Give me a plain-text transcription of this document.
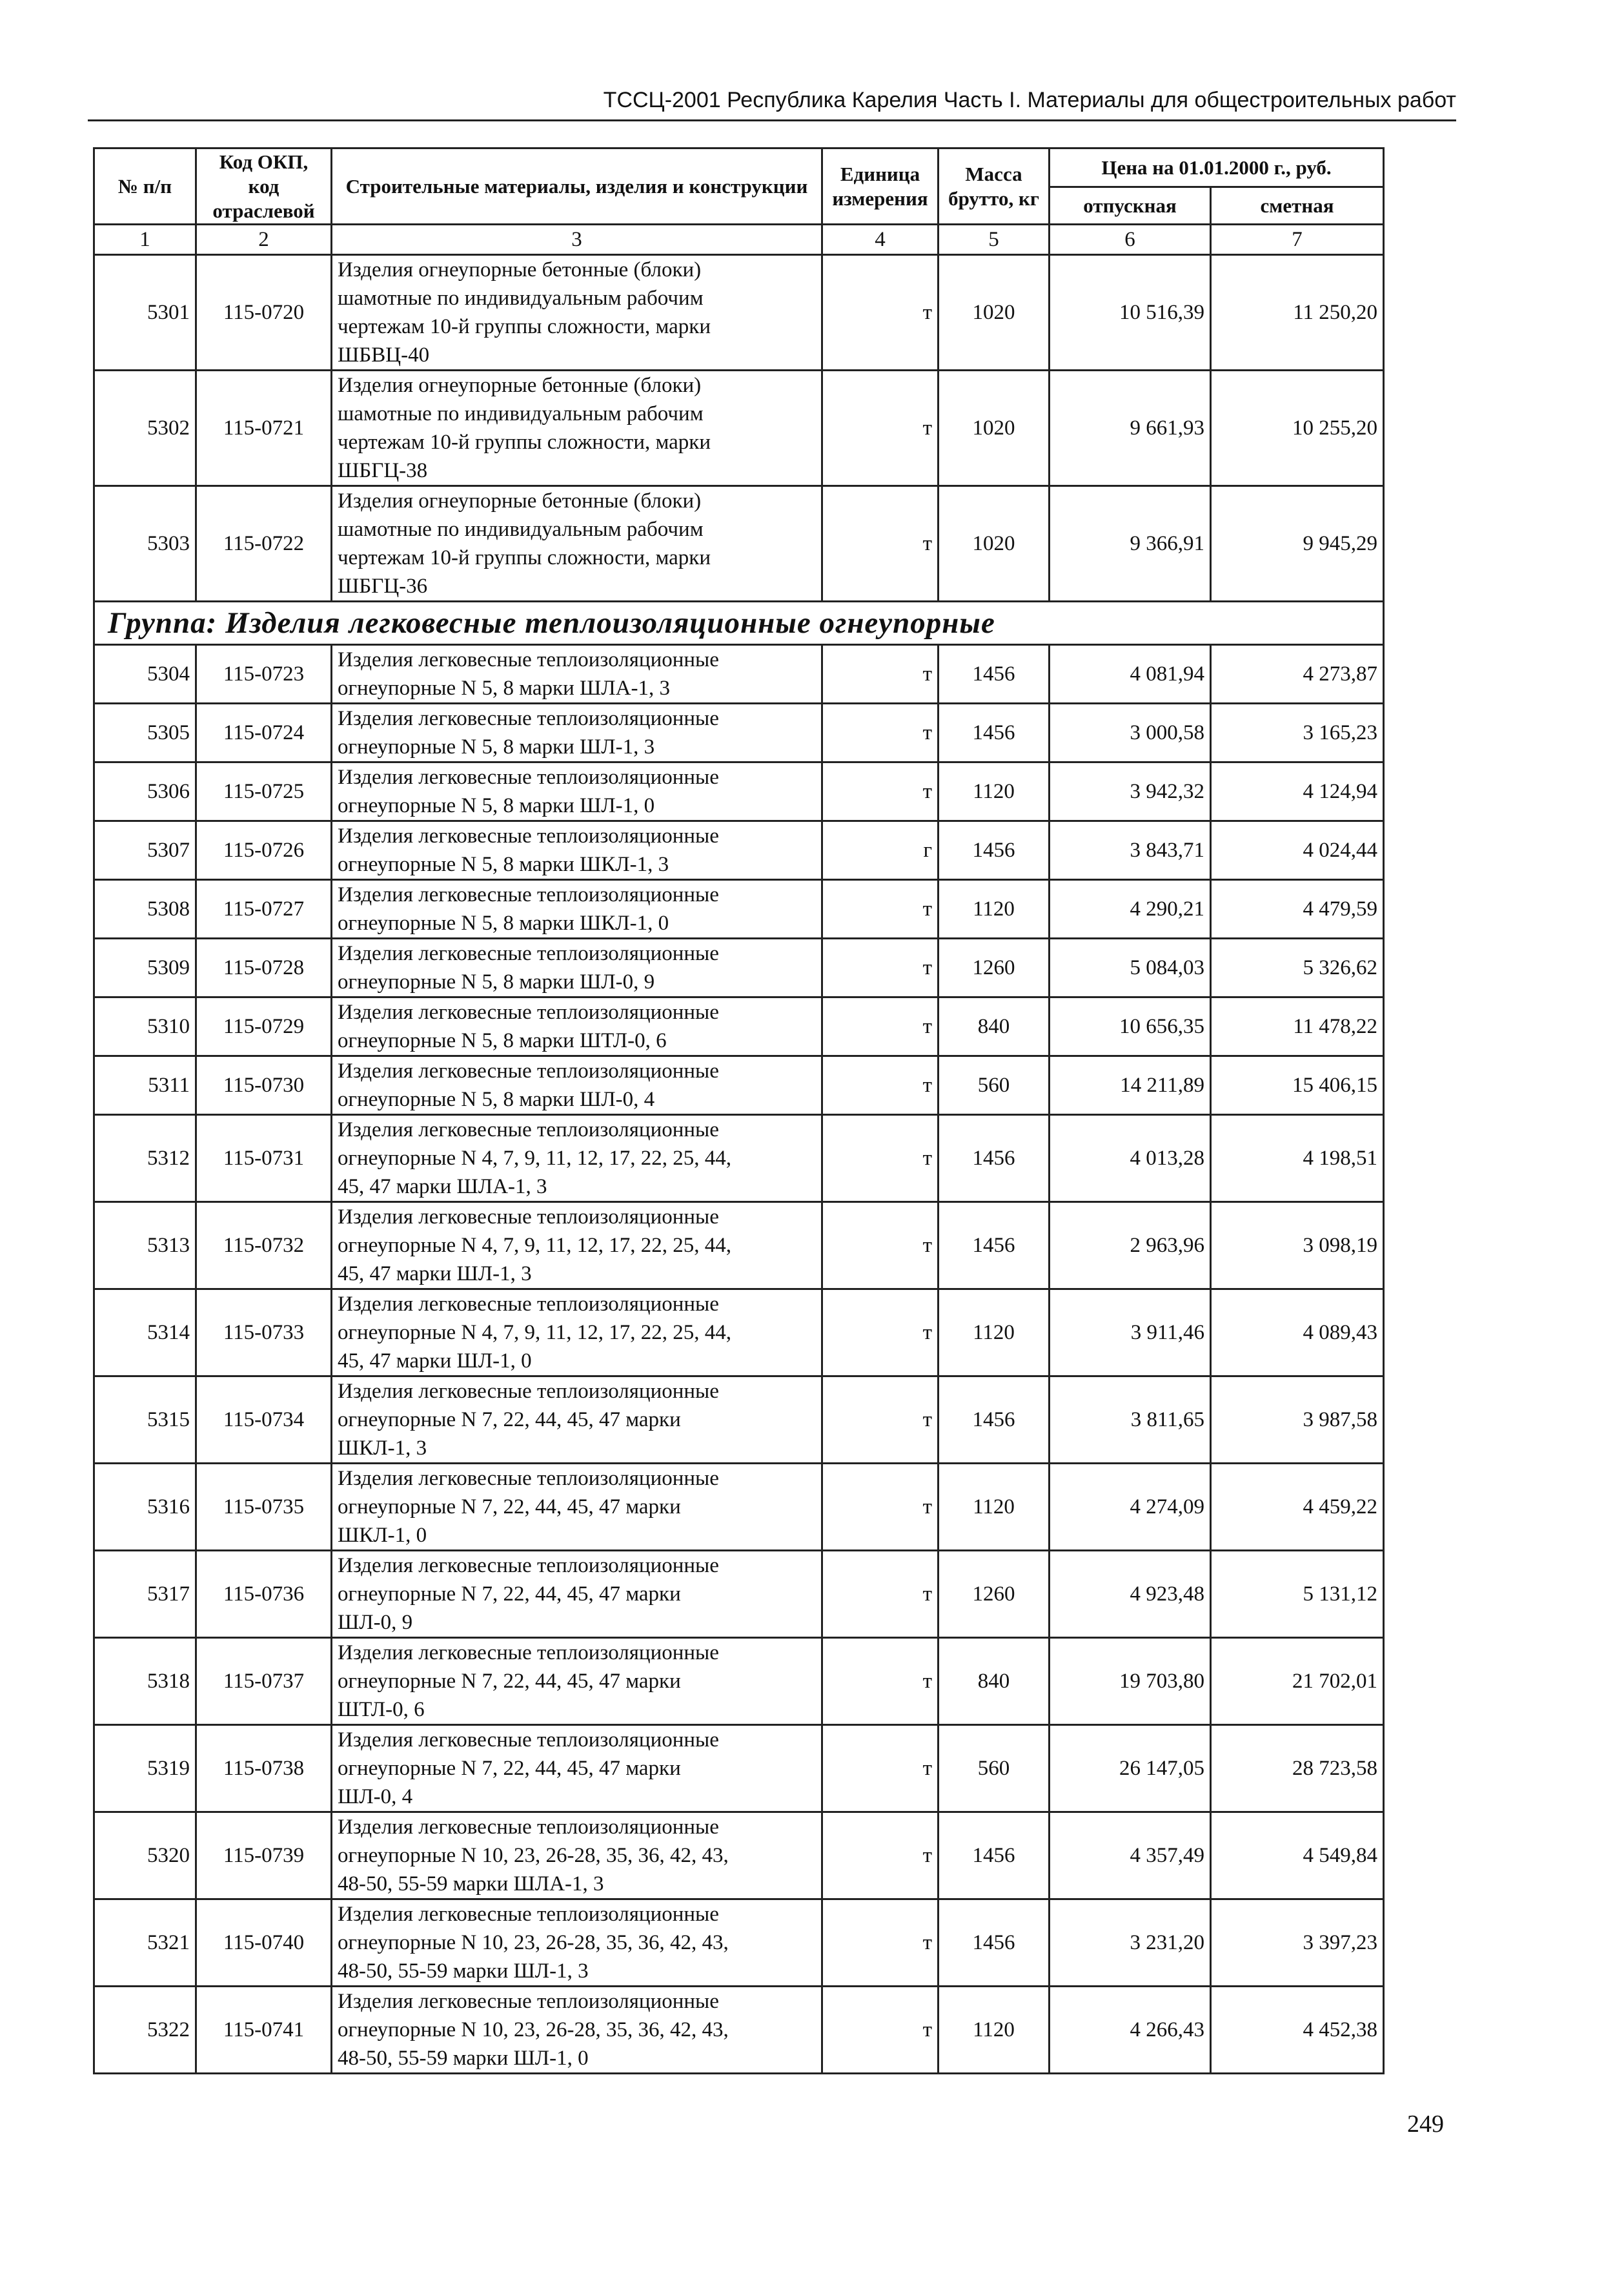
ТССЦ-2001 Республика Карелия Часть I. Материалы для общестроительных работ
№ п/п	Код ОКП, код отраслевой	Строительные материалы, изделия и конструкции	Единица измерения	Масса брутто, кг	Цена на 01.01.2000 г., руб.	
					отпускная	сметная
1	2	3	4	5	6	7
5301	115-0720	Изделия огнеупорные бетонные (блоки)
шамотные по индивидуальным рабочим
чертежам 10-й группы сложности, марки
ШБВЦ-40	т	1020	10 516,39	11 250,20
5302	115-0721	Изделия огнеупорные бетонные (блоки)
шамотные по индивидуальным рабочим
чертежам 10-й группы сложности, марки
ШБГЦ-38	т	1020	9 661,93	10 255,20
5303	115-0722	Изделия огнеупорные бетонные (блоки)
шамотные по индивидуальным рабочим
чертежам 10-й группы сложности, марки
ШБГЦ-36	т	1020	9 366,91	9 945,29
Группа: Изделия легковесные теплоизоляционные огнеупорные						
5304	115-0723	Изделия легковесные теплоизоляционные
огнеупорные N 5, 8 марки ШЛА-1, 3	т	1456	4 081,94	4 273,87
5305	115-0724	Изделия легковесные теплоизоляционные
огнеупорные N 5, 8 марки ШЛ-1, 3	т	1456	3 000,58	3 165,23
5306	115-0725	Изделия легковесные теплоизоляционные
огнеупорные N 5, 8 марки ШЛ-1, 0	т	1120	3 942,32	4 124,94
5307	115-0726	Изделия легковесные теплоизоляционные
огнеупорные N 5, 8 марки ШКЛ-1, 3	г	1456	3 843,71	4 024,44
5308	115-0727	Изделия легковесные теплоизоляционные
огнеупорные N 5, 8 марки ШКЛ-1, 0	т	1120	4 290,21	4 479,59
5309	115-0728	Изделия легковесные теплоизоляционные
огнеупорные N 5, 8 марки ШЛ-0, 9	т	1260	5 084,03	5 326,62
5310	115-0729	Изделия легковесные теплоизоляционные
огнеупорные N 5, 8 марки ШТЛ-0, 6	т	840	10 656,35	11 478,22
5311	115-0730	Изделия легковесные теплоизоляционные
огнеупорные N 5, 8 марки ШЛ-0, 4	т	560	14 211,89	15 406,15
5312	115-0731	Изделия легковесные теплоизоляционные
огнеупорные N 4, 7, 9, 11, 12, 17, 22, 25, 44,
45, 47 марки ШЛА-1, 3	т	1456	4 013,28	4 198,51
5313	115-0732	Изделия легковесные теплоизоляционные
огнеупорные N 4, 7, 9, 11, 12, 17, 22, 25, 44,
45, 47 марки ШЛ-1, 3	т	1456	2 963,96	3 098,19
5314	115-0733	Изделия легковесные теплоизоляционные
огнеупорные N 4, 7, 9, 11, 12, 17, 22, 25, 44,
45, 47 марки ШЛ-1, 0	т	1120	3 911,46	4 089,43
5315	115-0734	Изделия легковесные теплоизоляционные
огнеупорные N 7, 22, 44, 45, 47 марки
ШКЛ-1, 3	т	1456	3 811,65	3 987,58
5316	115-0735	Изделия легковесные теплоизоляционные
огнеупорные N 7, 22, 44, 45, 47 марки
ШКЛ-1, 0	т	1120	4 274,09	4 459,22
5317	115-0736	Изделия легковесные теплоизоляционные
огнеупорные N 7, 22, 44, 45, 47 марки
ШЛ-0, 9	т	1260	4 923,48	5 131,12
5318	115-0737	Изделия легковесные теплоизоляционные
огнеупорные N 7, 22, 44, 45, 47 марки
ШТЛ-0, 6	т	840	19 703,80	21 702,01
5319	115-0738	Изделия легковесные теплоизоляционные
огнеупорные N 7, 22, 44, 45, 47 марки
ШЛ-0, 4	т	560	26 147,05	28 723,58
5320	115-0739	Изделия легковесные теплоизоляционные
огнеупорные N 10, 23, 26-28, 35, 36, 42, 43,
48-50, 55-59 марки ШЛА-1, 3	т	1456	4 357,49	4 549,84
5321	115-0740	Изделия легковесные теплоизоляционные
огнеупорные N 10, 23, 26-28, 35, 36, 42, 43,
48-50, 55-59 марки ШЛ-1, 3	т	1456	3 231,20	3 397,23
5322	115-0741	Изделия легковесные теплоизоляционные
огнеупорные N 10, 23, 26-28, 35, 36, 42, 43,
48-50, 55-59 марки ШЛ-1, 0	т	1120	4 266,43	4 452,38
249
